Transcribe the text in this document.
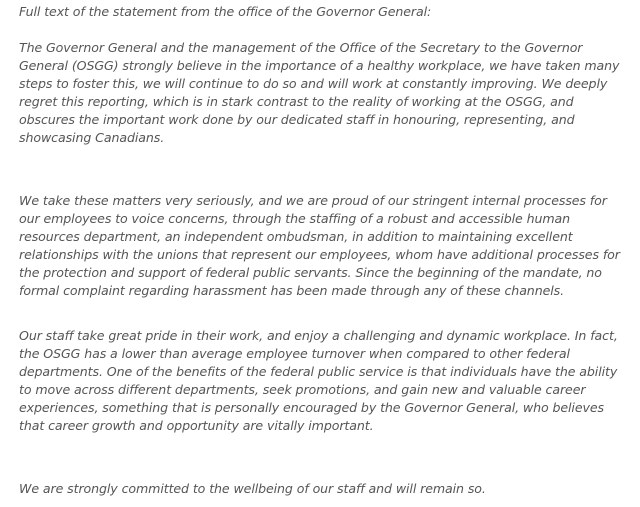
Full text of the statement from the office of the Governor General:

The Governor General and the management of the Office of the Secretary to the Governor General (OSGG) strongly believe in the importance of a healthy workplace, we have taken many steps to foster this, we will continue to do so and will work at constantly improving. We deeply regret this reporting, which is in stark contrast to the reality of working at the OSGG, and obscures the important work done by our dedicated staff in honouring, representing, and showcasing Canadians.

We take these matters very seriously, and we are proud of our stringent internal processes for our employees to voice concerns, through the staffing of a robust and accessible human resources department, an independent ombudsman, in addition to maintaining excellent relationships with the unions that represent our employees, whom have additional processes for the protection and support of federal public servants. Since the beginning of the mandate, no formal complaint regarding harassment has been made through any of these channels.

Our staff take great pride in their work, and enjoy a challenging and dynamic workplace. In fact, the OSGG has a lower than average employee turnover when compared to other federal departments. One of the benefits of the federal public service is that individuals have the ability to move across different departments, seek promotions, and gain new and valuable career experiences, something that is personally encouraged by the Governor General, who believes that career growth and opportunity are vitally important.

We are strongly committed to the wellbeing of our staff and will remain so.
